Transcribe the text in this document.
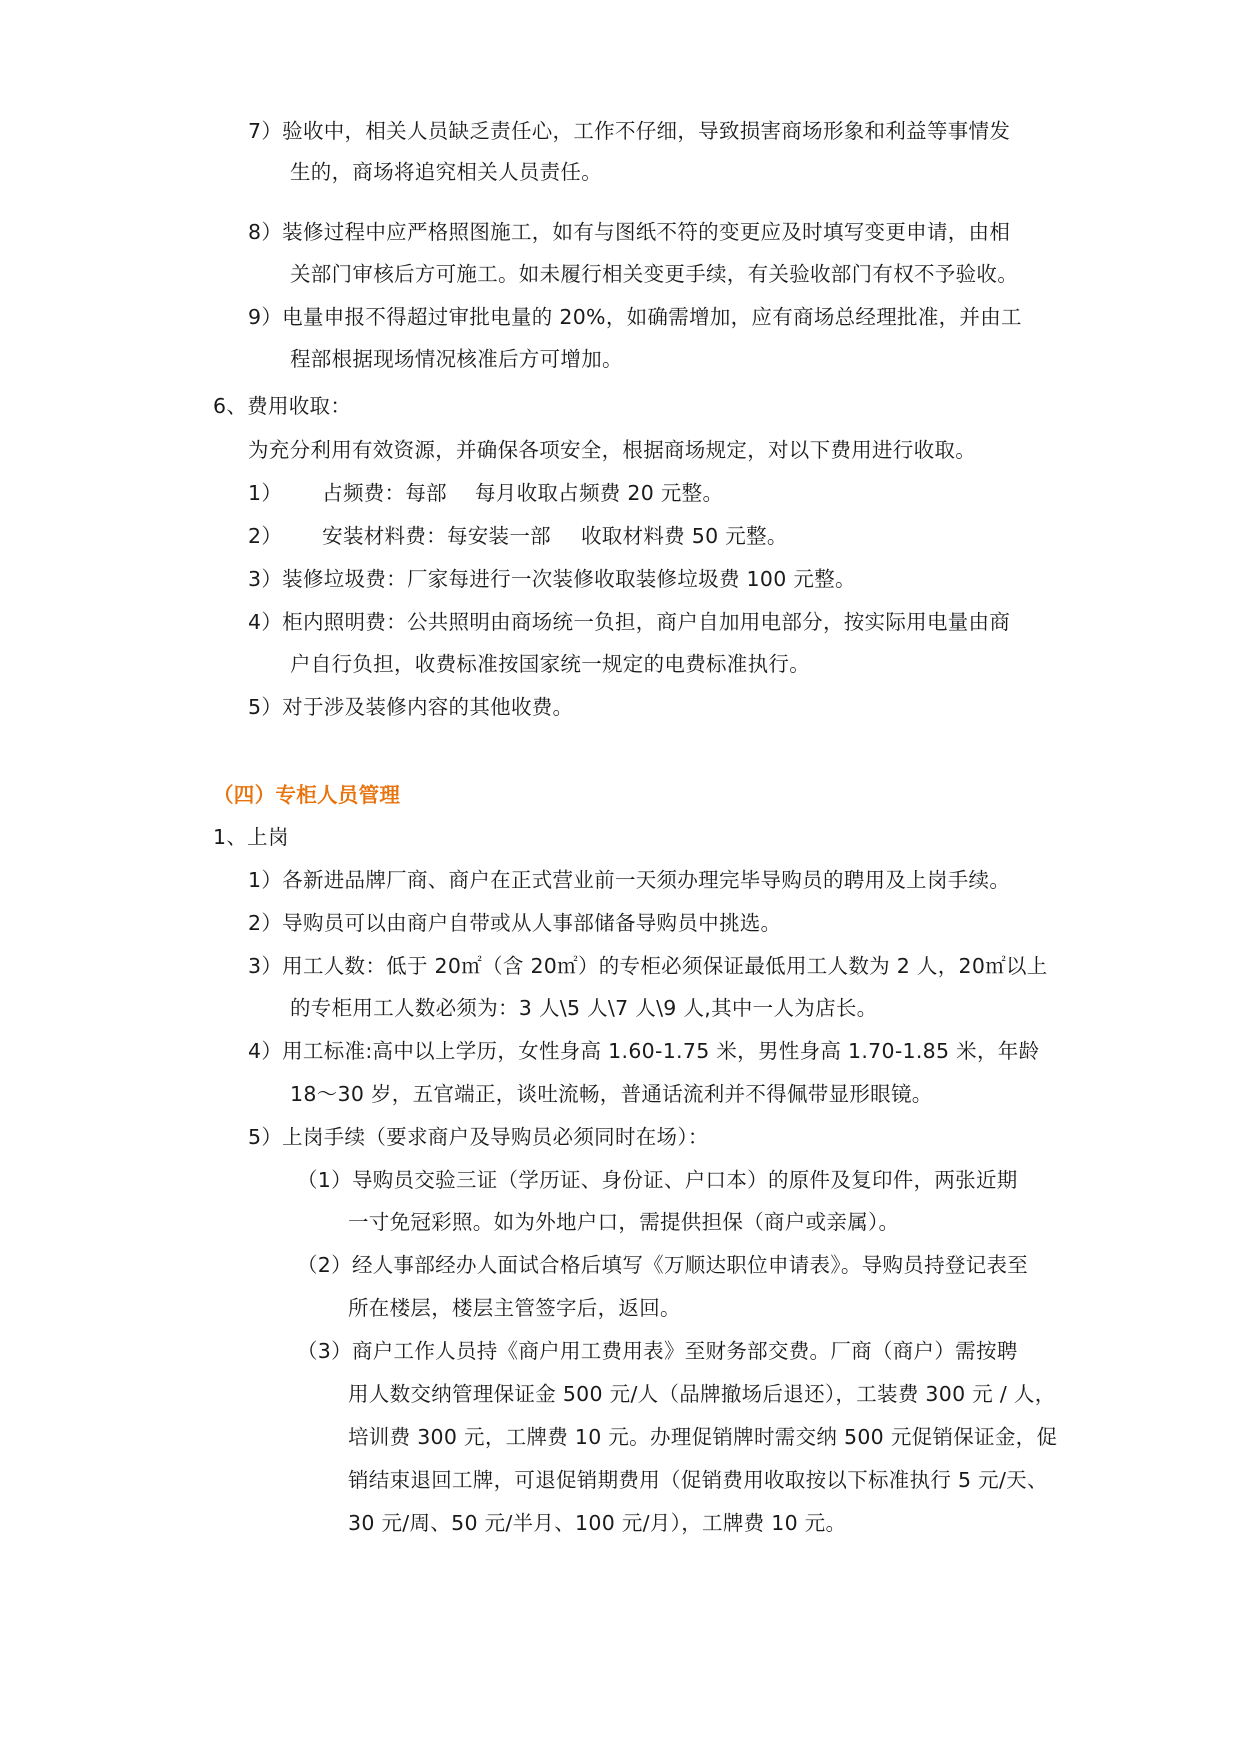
7）验收中，相关人员缺乏责任心，工作不仔细，导致损害商场形象和利益等事情发
生的，商场将追究相关人员责任。
8）装修过程中应严格照图施工，如有与图纸不符的变更应及时填写变更申请，由相
关部门审核后方可施工。如未履行相关变更手续，有关验收部门有权不予验收。
9）电量申报不得超过审批电量的 20%，如确需增加，应有商场总经理批准，并由工
程部根据现场情况核准后方可增加。
6、费用收取：
为充分利用有效资源，并确保各项安全，根据商场规定，对以下费用进行收取。
1） 占频费：每部 每月收取占频费 20 元整。
2） 安装材料费：每安装一部 收取材料费 50 元整。
3）装修垃圾费：厂家每进行一次装修收取装修垃圾费 100 元整。
4）柜内照明费：公共照明由商场统一负担，商户自加用电部分，按实际用电量由商
户自行负担，收费标准按国家统一规定的电费标准执行。
5）对于涉及装修内容的其他收费。
（四）专柜人员管理
1、上岗
1）各新进品牌厂商、商户在正式营业前一天须办理完毕导购员的聘用及上岗手续。
2）导购员可以由商户自带或从人事部储备导购员中挑选。
3）用工人数：低于 20㎡（含 20㎡）的专柜必须保证最低用工人数为 2 人，20㎡以上
的专柜用工人数必须为：3 人\5 人\7 人\9 人,其中一人为店长。
4）用工标准:高中以上学历，女性身高 1.60-1.75 米，男性身高 1.70-1.85 米，年龄
18～30 岁，五官端正，谈吐流畅，普通话流利并不得佩带显形眼镜。
5）上岗手续（要求商户及导购员必须同时在场）：
（1）导购员交验三证（学历证、身份证、户口本）的原件及复印件，两张近期
一寸免冠彩照。如为外地户口，需提供担保（商户或亲属）。
（2）经人事部经办人面试合格后填写《万顺达职位申请表》。导购员持登记表至
所在楼层，楼层主管签字后，返回。
（3）商户工作人员持《商户用工费用表》至财务部交费。厂商（商户）需按聘
用人数交纳管理保证金 500 元/人（品牌撤场后退还），工装费 300 元 / 人，
培训费 300 元，工牌费 10 元。办理促销牌时需交纳 500 元促销保证金，促
销结束退回工牌，可退促销期费用（促销费用收取按以下标准执行 5 元/天、
30 元/周、50 元/半月、100 元/月），工牌费 10 元。
